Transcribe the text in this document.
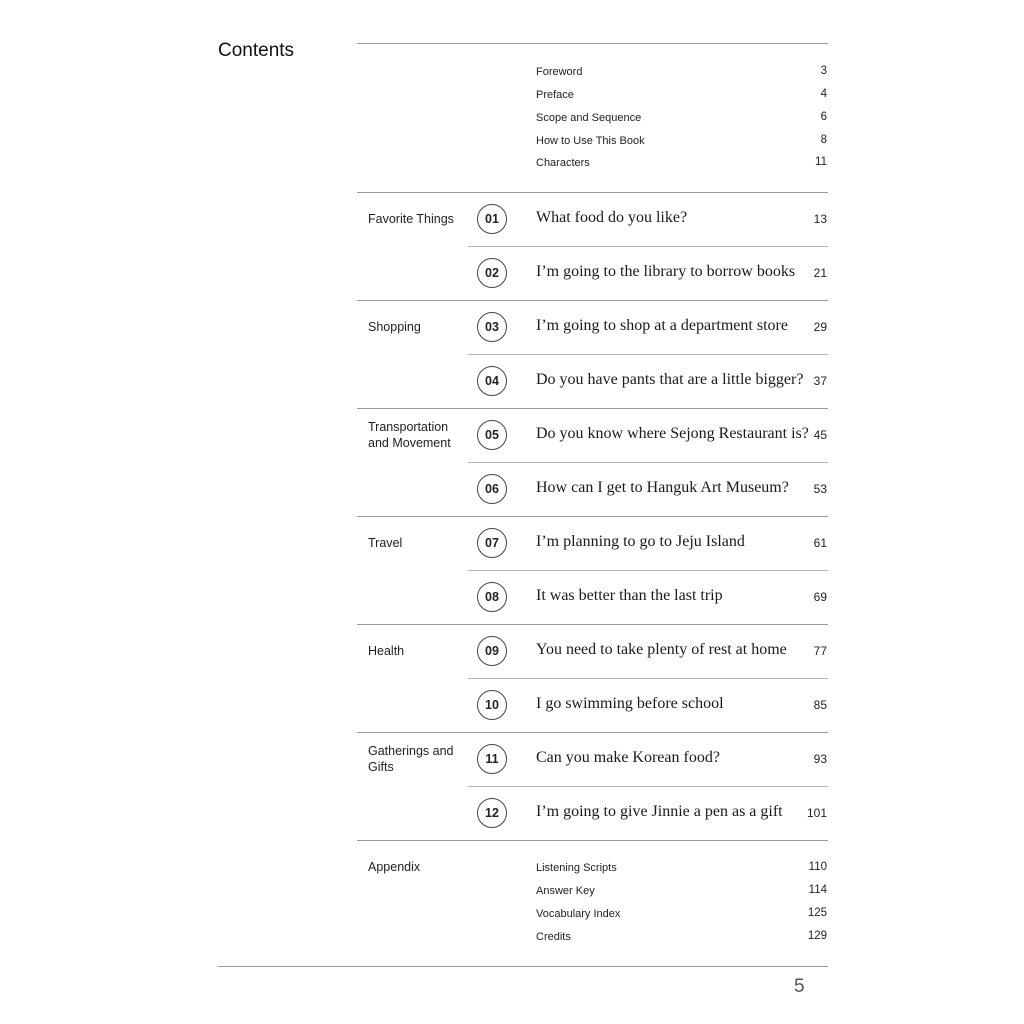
Contents
Foreword	3
Preface	4
Scope and Sequence	6
How to Use This Book	8
Characters	11
Favorite Things	01	What food do you like?	13
02	I’m going to the library to borrow books 21
Shopping	03	I’m going to shop at a department store 29
04	Do you have pants that are a little bigger? 37
Transportation and Movement
05	Do you know where Sejong Restaurant is? 45
06	How can I get to Hanguk Art Museum? 53
Travel	07	I’m planning to go to Jeju Island	61
08	It was better than the last trip	69
Health	09	You need to take plenty of rest at home 77
10	I go swimming before school	85
Gatherings and Gifts
11	Can you make Korean food?	93
12	I’m going to give Jinnie a pen as a gift 101
Appendix	Listening Scripts	110
Answer Key	114
Vocabulary Index	125
Credits	129
5
